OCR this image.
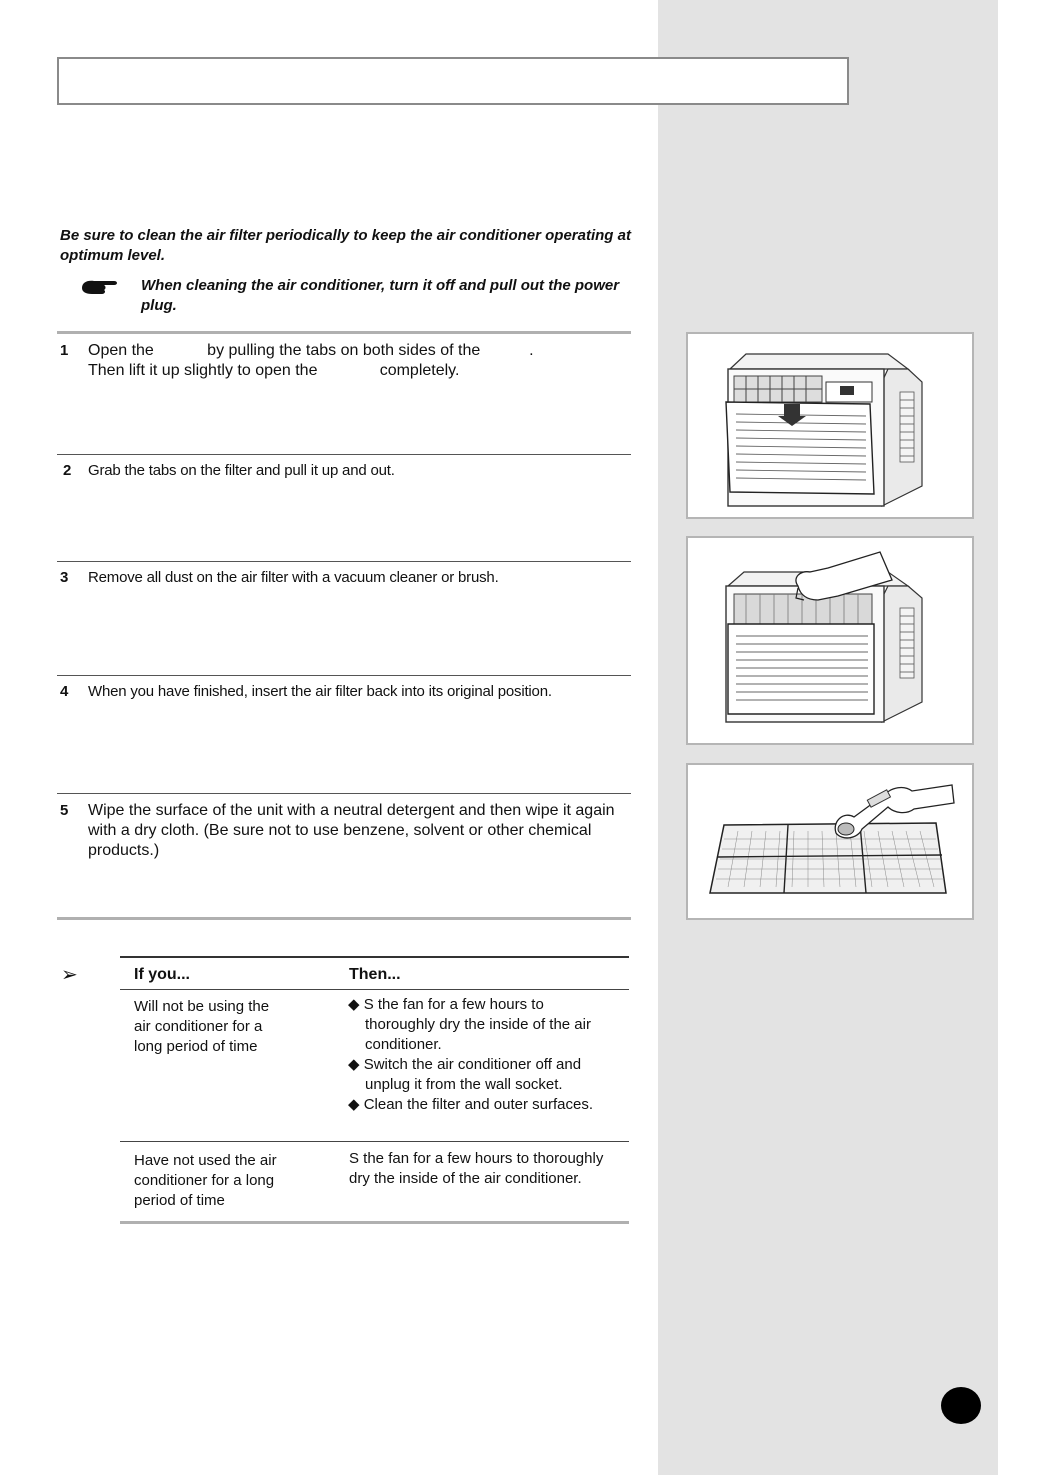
Be sure to clean the air filter periodically to keep the air conditioner operating at optimum level.
When cleaning the air conditioner, turn it off and pull out the power plug.
1 Open the            by pulling the tabs on both sides of the           .
Then lift it up slightly to open the              completely.
2 Grab the tabs on the filter and pull it up and out.
3 Remove all dust on the air filter with a vacuum cleaner or brush.
4 When you have finished, insert the air filter back into its original position.
5 Wipe the surface of the unit with a neutral detergent and then wipe it again with a dry cloth. (Be sure not to use benzene, solvent or other chemical products.)
➢	If you...	Then...
Will not be using the air conditioner for a long period of time
◆ S the fan for a few hours to thoroughly dry the inside of the air conditioner.
◆ Switch the air conditioner off and unplug it from the wall socket.
◆ Clean the filter and outer surfaces.
Have not used the air conditioner for a long period of time
S the fan for a few hours to thoroughly dry the inside of the air conditioner.
